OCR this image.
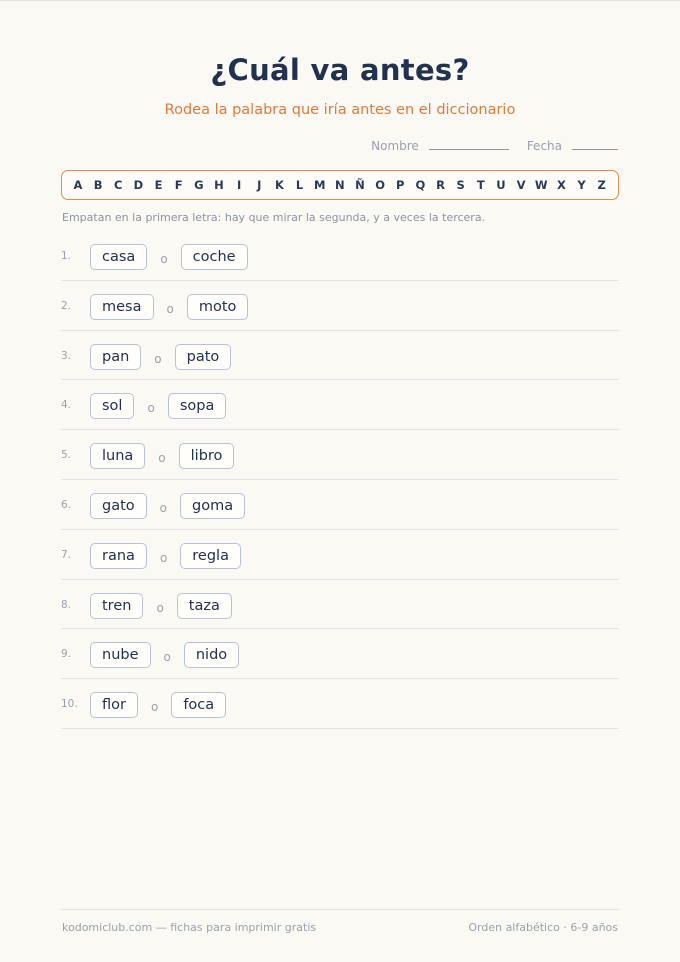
¿Cuál va antes?
Rodea la palabra que iría antes en el diccionario
Nombre	Fecha
A B	C D E	F G H	I	J	K	L M N Ñ O P Q R	S	T	U V W X	Y	Z
Empatan en la primera letra: hay que mirar la segunda, y a veces la tercera.
1.	casa	o	coche
2.	mesa	o	moto
3.	pan	o	pato
4.	sol	o	sopa
5.	luna	o	libro
6.	gato	o	goma
7.	rana	o	regla
8.	tren	o	taza
9.	nube	o	nido
10.	flor	o	foca
kodomiclub.com — fichas para imprimir gratis	Orden alfabético · 6-9 años
